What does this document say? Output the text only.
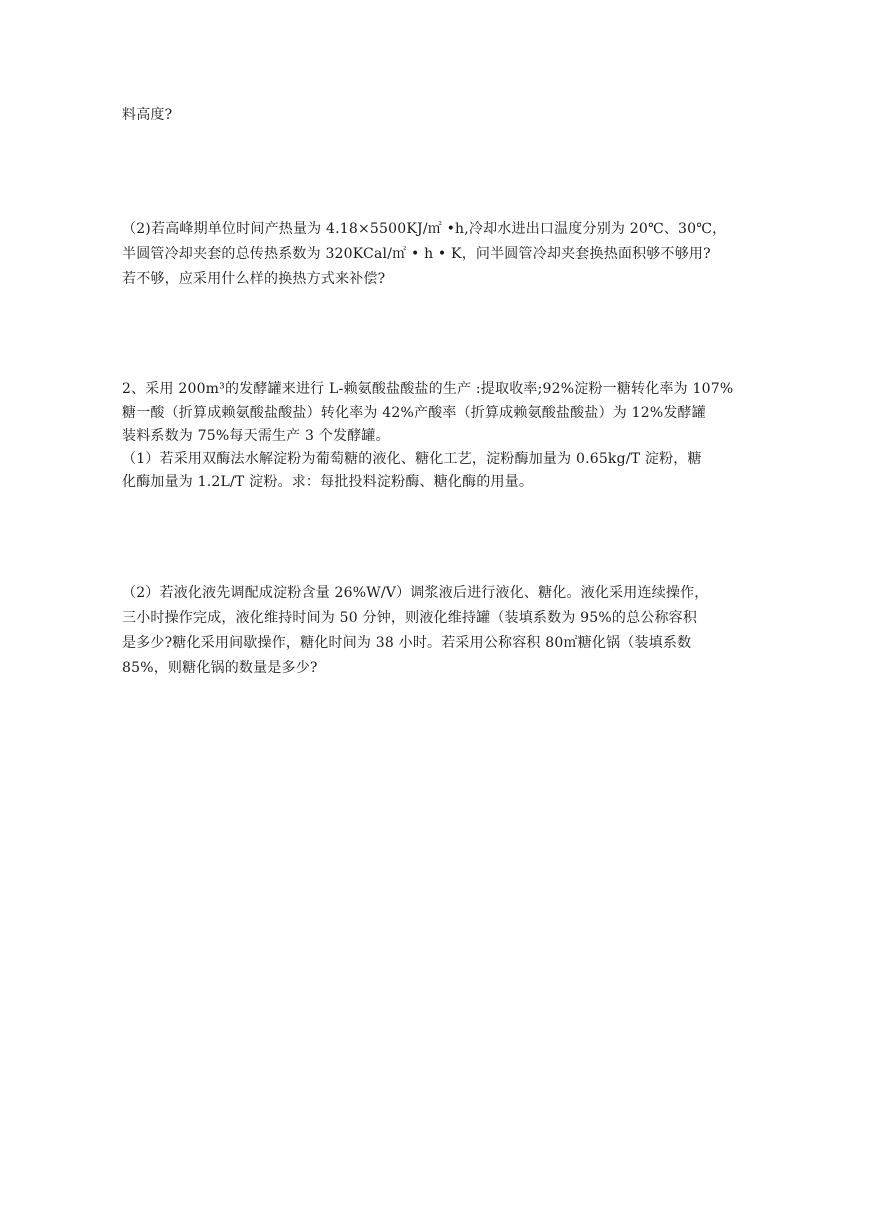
料高度?
（2)若高峰期单位时间产热量为 4.18×5500KJ/㎡ •h,冷却水进出口温度分别为 20℃、30℃，
半圆管冷却夹套的总传热系数为 320KCal/㎡ • h • K，问半圆管冷却夹套换热面积够不够用?
若不够，应采用什么样的换热方式来补偿?
2、采用 200m³的发酵罐来进行 L-赖氨酸盐酸盐的生产 :提取收率;92%淀粉一糖转化率为 107%
糖一酸（折算成赖氨酸盐酸盐）转化率为 42%产酸率（折算成赖氨酸盐酸盐）为 12%发酵罐
装料系数为 75%每天需生产 3 个发酵罐。
（1）若采用双酶法水解淀粉为葡萄糖的液化、糖化工艺，淀粉酶加量为 0.65kg/T 淀粉，糖
化酶加量为 1.2L/T 淀粉。求：每批投料淀粉酶、糖化酶的用量。
（2）若液化液先调配成淀粉含量 26%W/V）调浆液后进行液化、糖化。液化采用连续操作，
三小时操作完成，液化维持时间为 50 分钟，则液化维持罐（装填系数为 95%的总公称容积
是多少?糖化采用间歇操作，糖化时间为 38 小时。若采用公称容积 80㎡糖化锅（装填系数
85%，则糖化锅的数量是多少?
